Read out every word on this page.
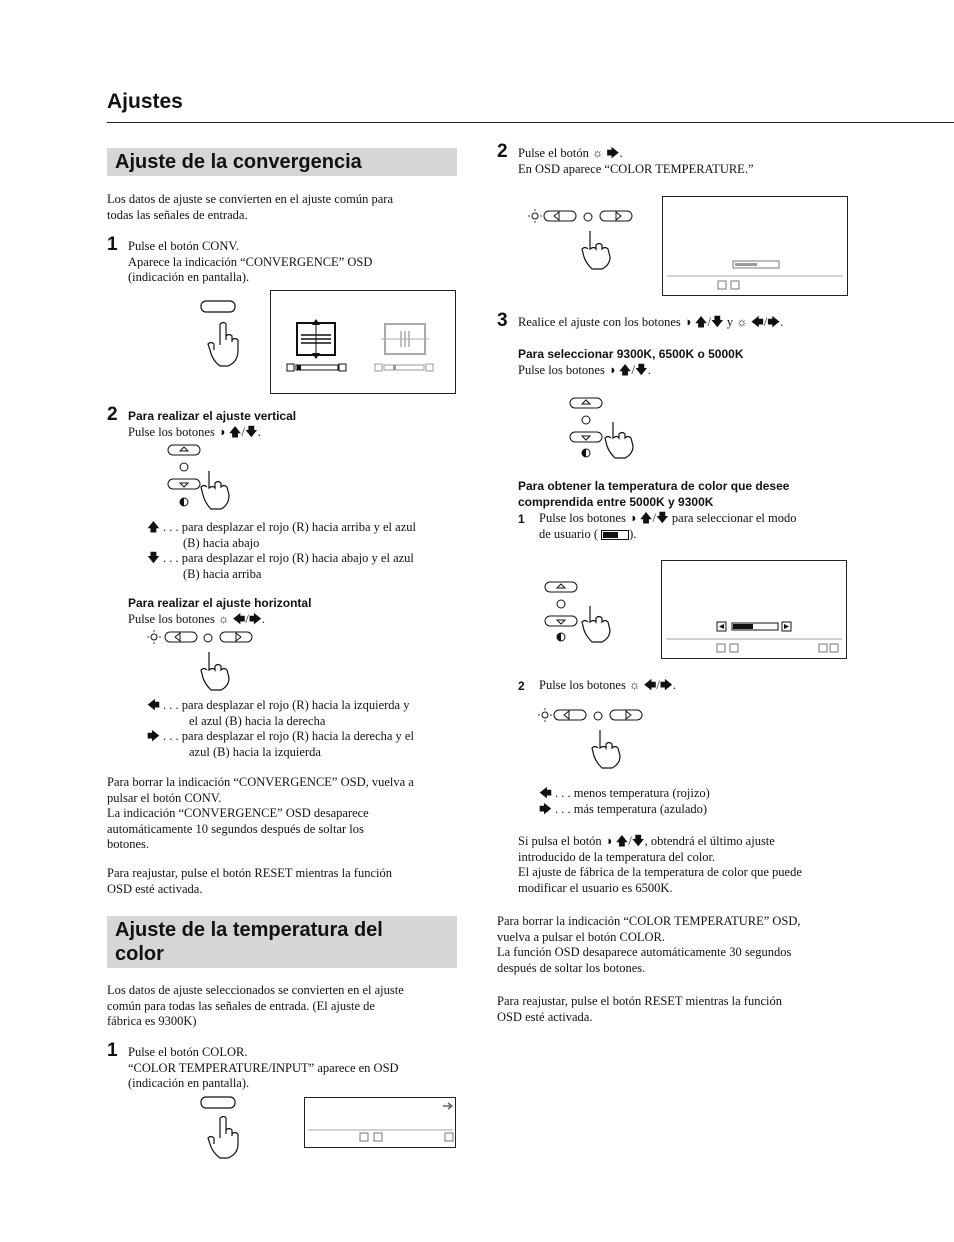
Ajustes
Ajuste de la convergencia

Los datos de ajuste se convierten en el ajuste común para

todas las señales de entrada.

1 Pulse el botón CONV.

Aparece la indicación “CONVERGENCE” OSD

(indicación en pantalla).

2 Para realizar el ajuste vertical
Pulse los botones ◑ 🡅/🡇.

🡅 . . . para desplazar el rojo (R) hacia arriba y el azul

(B) hacia abajo

🡇 . . . para desplazar el rojo (R) hacia abajo y el azul

(B) hacia arriba

Para realizar el ajuste horizontal
Pulse los botones ☼ 🡄/🡆.

🡄 . . . para desplazar el rojo (R) hacia la izquierda y

el azul (B) hacia la derecha

🡆 . . . para desplazar el rojo (R) hacia la derecha y el

azul (B) hacia la izquierda

Para borrar la indicación “CONVERGENCE” OSD, vuelva a

pulsar el botón CONV.

La indicación “CONVERGENCE” OSD desaparece

automáticamente 10 segundos después de soltar los

botones.

Para reajustar, pulse el botón RESET mientras la función

OSD esté activada.

Ajuste de la temperatura del
color

Los datos de ajuste seleccionados se convierten en el ajuste

común para todas las señales de entrada. (El ajuste de

fábrica es 9300K)

1 Pulse el botón COLOR.

“COLOR TEMPERATURE/INPUT” aparece en OSD

(indicación en pantalla).

2 Pulse el botón ☼ 🡆.

En OSD aparece “COLOR TEMPERATURE.”

3 Realice el ajuste con los botones ◑ 🡅/🡇 y ☼ 🡄/🡆.
Para seleccionar 9300K, 6500K o 5000K
Pulse los botones ◑ 🡅/🡇.
Para obtener la temperatura de color que desee
comprendida entre 5000K y 9300K
1 Pulse los botones ◑ 🡅/🡇 para seleccionar el modo

de usuario ( ).

2 Pulse los botones ☼ 🡄/🡆.
🡄 . . . menos temperatura (rojizo)
🡆 . . . más temperatura (azulado)

Si pulsa el botón ◑ 🡅/🡇, obtendrá el último ajuste

introducido de la temperatura del color.

El ajuste de fábrica de la temperatura de color que puede

modificar el usuario es 6500K.

Para borrar la indicación “COLOR TEMPERATURE” OSD,

vuelva a pulsar el botón COLOR.

La función OSD desaparece automáticamente 30 segundos

después de soltar los botones.

Para reajustar, pulse el botón RESET mientras la función

OSD esté activada.
